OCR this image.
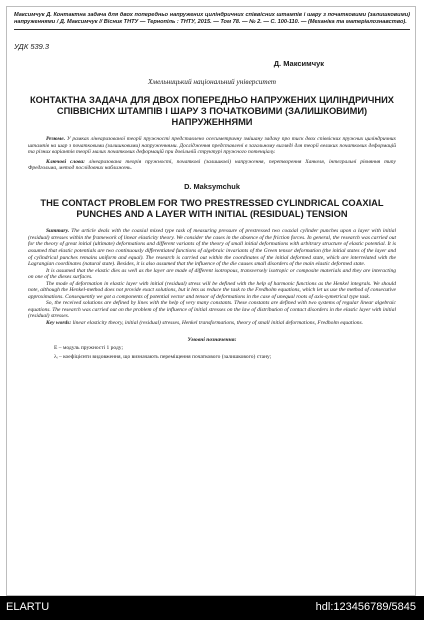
Максимчук Д. Контактна задача для двох попередньо напружених циліндричних співвісних штампів і шару з початковими (залишковими) напруженнями / Д. Максимчук // Вісник ТНТУ — Тернопіль : ТНТУ, 2015. — Том 78. — № 2. — С. 100-110. — (Механіка та матеріалознавство).
УДК 539.3
Д. Максимчук
Хмельницький національний університет
КОНТАКТНА ЗАДАЧА ДЛЯ ДВОХ ПОПЕРЕДНЬО НАПРУЖЕНИХ ЦИЛІНДРИЧНИХ СПІВВІСНИХ ШТАМПІВ І ШАРУ З ПОЧАТКОВИМИ (ЗАЛИШКОВИМИ) НАПРУЖЕННЯМИ
Резюме. У рамках лінеаризованої теорії пружності представлено осесиметричну змішану задачу про тиск двох співвісних пружних циліндричних штампів на шар з початковими (залишковими) напруженнями. Дослідження представлені в загальному вигляді для теорії великих початкових деформацій та різних варіантів теорії малих початкових деформацій при довільній структурі пружного потенціалу.
Ключові слова: лінеаризована теорія пружності, початкові (залишкові) напруження, перетворення Ханкеля, інтегральні рівняння типу Фредгольма, метод послідовних наближень.
D. Maksymchuk
THE CONTACT PROBLEM FOR TWO PRESTRESSED CYLINDRICAL COAXIAL PUNCHES AND A LAYER WITH INITIAL (RESIDUAL) TENSION
Summary. The article deals with the coaxial mixed type task of measuring pressure of prestressed two coaxial cylinder punches upon a layer with initial (residual) stresses within the framework of linear elasticity theory. We consider the cases in the absence of the friction forces. In general, the research was carried out for the theory of great initial (ultimate) deformations and different variants of the theory of small initial deformations with arbitrary structure of elastic potential. It is assumed that elastic potentials are two continuously differentiated functions of algebraic invariants of the Green tensor deformation (the initial states of the layer and of cylindrical punches remains uniform and equal). The research is carried out within the coordinates of the initial deformed state, which are interrelated with the Lagrangian coordinates (natural state). Besides, it is also assumed that the influence of the die causes small disorders of the main elastic deformed state.
It is assumed that the elastic dies as well as the layer are made of different isotropous, transversely isotropic or composite materials and they are interacting on one of the dieses surfaces.
The mode of deformation in elastic layer with initial (residual) stress will be defined with the help of harmonic functions as the Henkel integrals. We should note, although the Henkel-method does not provide exact solutions, but it lets us reduce the task to the Fredholm equations, which let us use the method of consecutive approximations. Consequently we got a components of potential vector and tensor of deformations in the case of unequal roots of axis-symetrical type task.
So, the received solutions are defined by lines with the help of very many constants. These constants are defined with two systems of regular linear algebraic equations. The research was carried out on the problem of the influence of initial stresses on the law of distribution of contact disorders in the elastic layer with initial (residual) stresses.
Key words: linear elasticity theory, initial (residual) stresses, Henkel transformations, theory of small initial deformations, Fredholm equations.
Умовні позначення:
E – модуль пружності 1 роду;
λᵢ – коефіцієнти видовження, що визначають переміщення початкового (залишкового) стану;
ELARTU	hdl:123456789/5845
